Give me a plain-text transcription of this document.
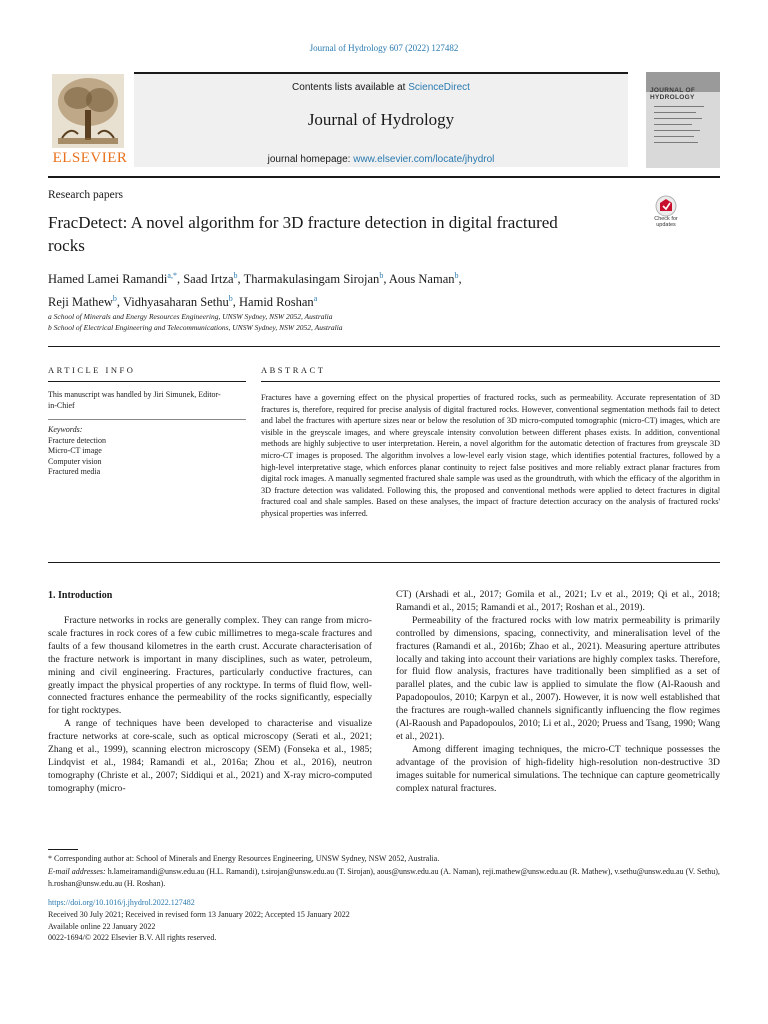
Journal of Hydrology 607 (2022) 127482
ELSEVIER
Contents lists available at ScienceDirect
Journal of Hydrology
journal homepage: www.elsevier.com/locate/jhydrol
JOURNAL OF HYDROLOGY
Research papers
FracDetect: A novel algorithm for 3D fracture detection in digital fractured rocks
Check for updates
Hamed Lamei Ramandi$^{a,*}$, Saad Irtza$^b$, Tharmakulasingam Sirojan$^b$, Aous Naman$^b$,
Reji Mathew$^b$, Vidhyasaharan Sethu$^b$, Hamid Roshan$^a$
a School of Minerals and Energy Resources Engineering, UNSW Sydney, NSW 2052, Australia
b School of Electrical Engineering and Telecommunications, UNSW Sydney, NSW 2052, Australia
ARTICLE INFO	ABSTRACT
This manuscript was handled by Jiri Simunek, Editor-in-Chief
Keywords:
Fracture detection
Micro-CT image
Computer vision
Fractured media
Fractures have a governing effect on the physical properties of fractured rocks, such as permeability. Accurate representation of 3D fractures is, therefore, required for precise analysis of digital fractured rocks. However, conventional segmentation methods fail to detect and label the fractures with aperture sizes near or below the resolution of 3D micro-computed tomographic (micro-CT) images, which are visible in the greyscale images, and where greyscale intensity convolution between different phases exists. In addition, conventional methods are highly subjective to user interpretation. Herein, a novel algorithm for the automatic detection of fractures from greyscale 3D micro-CT images is proposed. The algorithm involves a low-level early vision stage, which identifies potential fractures, followed by a high-level interpretative stage, which enforces planar continuity to reject false positives and more reliably extract planar fractures from digital rock images. A manually segmented fractured shale sample was used as the groundtruth, with which the efficacy of the algorithm in 3D fracture detection was validated. Following this, the proposed and conventional methods were applied to detect fractures in digital fractured coal and shale samples. Based on these analyses, the impact of fracture detection accuracy on the analysis of fractured rocks' physical properties was inferred.
1. Introduction

Fracture networks in rocks are generally complex. They can range from micro-scale fractures in rock cores of a few cubic millimetres to mega-scale fractures and faults of a few thousand kilometres in the earth crust. Accurate characterisation of the fracture network is important in many disciplines, such as water, petroleum, mining and civil engineering. Fractures, particularly conductive fractures, can greatly impact the physical properties of any rocktype. In terms of fluid flow, well-connected fractures enhance the permeability of the rocks significantly, especially for tight rocktypes.

A range of techniques have been developed to characterise and visualize fracture networks at core-scale, such as optical microscopy (Serati et al., 2021; Zhang et al., 1999), scanning electron microscopy (SEM) (Fonseka et al., 1985; Lindqvist et al., 1984; Ramandi et al., 2016a; Zhou et al., 2016), neutron tomography (Christe et al., 2007; Siddiqui et al., 2021) and X-ray micro-computed tomography (micro-

CT) (Arshadi et al., 2017; Gomila et al., 2021; Lv et al., 2019; Qi et al., 2018; Ramandi et al., 2015; Ramandi et al., 2017; Roshan et al., 2019).

Permeability of the fractured rocks with low matrix permeability is primarily controlled by dimensions, spacing, connectivity, and mineralisation level of the fractures (Ramandi et al., 2016b; Zhao et al., 2021). Measuring aperture attributes locally and taking into account their variations are highly complex tasks. Therefore, for fluid flow analysis, fractures have traditionally been simplified as a set of parallel plates, and the cubic law is applied to simulate the flow (Al-Raoush and Papadopoulos, 2010; Karpyn et al., 2007). However, it is now well established that the fractures are rough-walled channels significantly influencing the flow regimes (Al-Raoush and Papadopoulos, 2010; Li et al., 2020; Pruess and Tsang, 1990; Wang et al., 2021).

Among different imaging techniques, the micro-CT technique possesses the advantage of the provision of high-fidelity high-resolution non-destructive 3D images suitable for numerical simulations. The technique can capture geometrically complex natural fractures.

* Corresponding author at: School of Minerals and Energy Resources Engineering, UNSW Sydney, NSW 2052, Australia.
E-mail addresses: h.lameiramandi@unsw.edu.au (H.L. Ramandi), t.sirojan@unsw.edu.au (T. Sirojan), aous@unsw.edu.au (A. Naman), reji.mathew@unsw.edu.au (R. Mathew), v.sethu@unsw.edu.au (V. Sethu), h.roshan@unsw.edu.au (H. Roshan).
https://doi.org/10.1016/j.jhydrol.2022.127482
Received 30 July 2021; Received in revised form 13 January 2022; Accepted 15 January 2022
Available online 22 January 2022
0022-1694/© 2022 Elsevier B.V. All rights reserved.
